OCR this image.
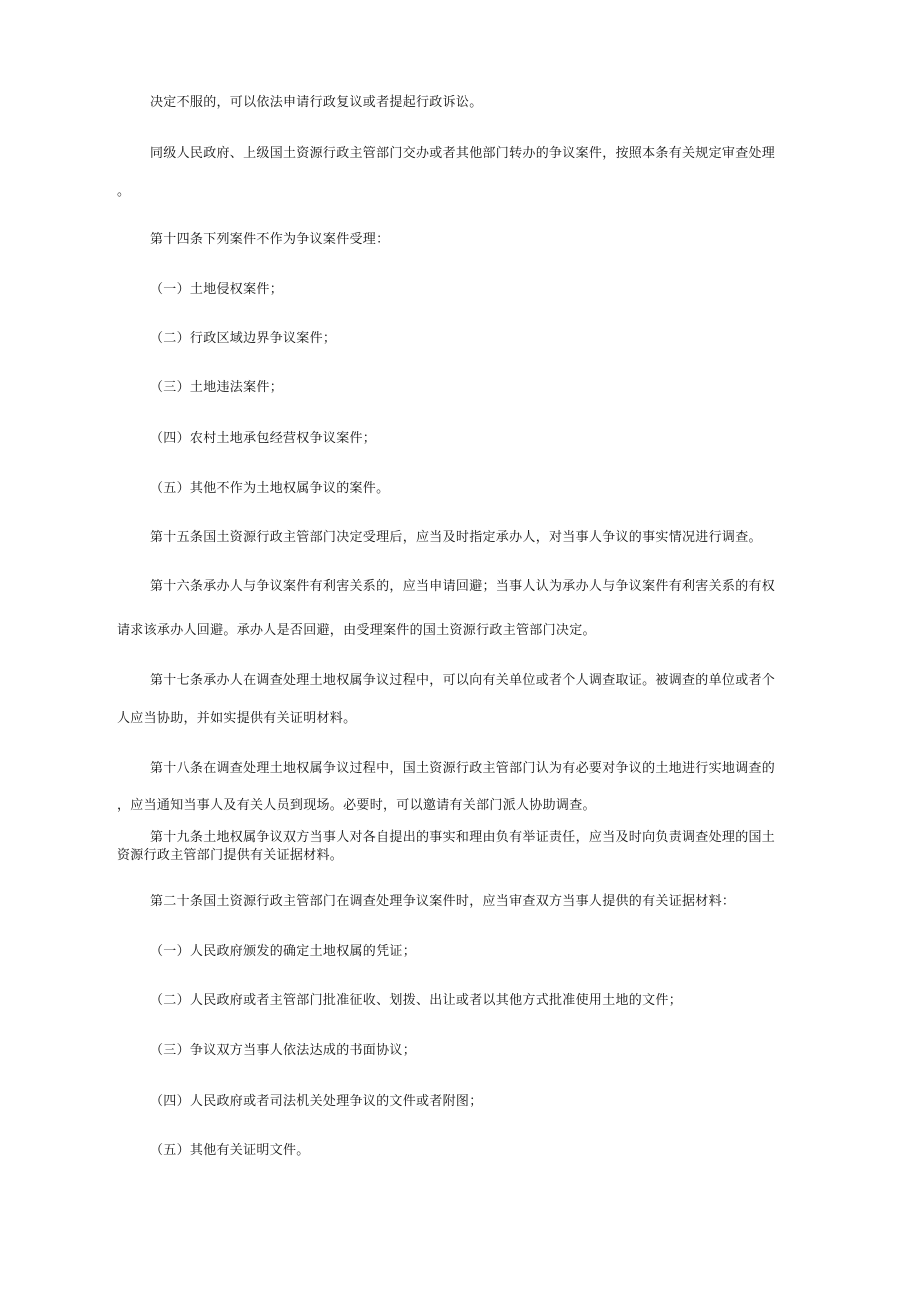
决定不服的，可以依法申请行政复议或者提起行政诉讼。
同级人民政府、上级国土资源行政主管部门交办或者其他部门转办的争议案件，按照本条有关规定审查处理
。
第十四条下列案件不作为争议案件受理：
（一）土地侵权案件；
（二）行政区域边界争议案件；
（三）土地违法案件；
（四）农村土地承包经营权争议案件；
（五）其他不作为土地权属争议的案件。
第十五条国土资源行政主管部门决定受理后，应当及时指定承办人，对当事人争议的事实情况进行调查。
第十六条承办人与争议案件有利害关系的，应当申请回避；当事人认为承办人与争议案件有利害关系的有权
请求该承办人回避。承办人是否回避，由受理案件的国土资源行政主管部门决定。
第十七条承办人在调查处理土地权属争议过程中，可以向有关单位或者个人调查取证。被调查的单位或者个
人应当协助，并如实提供有关证明材料。
第十八条在调查处理土地权属争议过程中，国土资源行政主管部门认为有必要对争议的土地进行实地调查的
，应当通知当事人及有关人员到现场。必要时，可以邀请有关部门派人协助调查。
第十九条土地权属争议双方当事人对各自提出的事实和理由负有举证责任，应当及时向负责调查处理的国土
资源行政主管部门提供有关证据材料。
第二十条国土资源行政主管部门在调查处理争议案件时，应当审查双方当事人提供的有关证据材料：
（一）人民政府颁发的确定土地权属的凭证；
（二）人民政府或者主管部门批准征收、划拨、出让或者以其他方式批准使用土地的文件；
（三）争议双方当事人依法达成的书面协议；
（四）人民政府或者司法机关处理争议的文件或者附图；
（五）其他有关证明文件。
